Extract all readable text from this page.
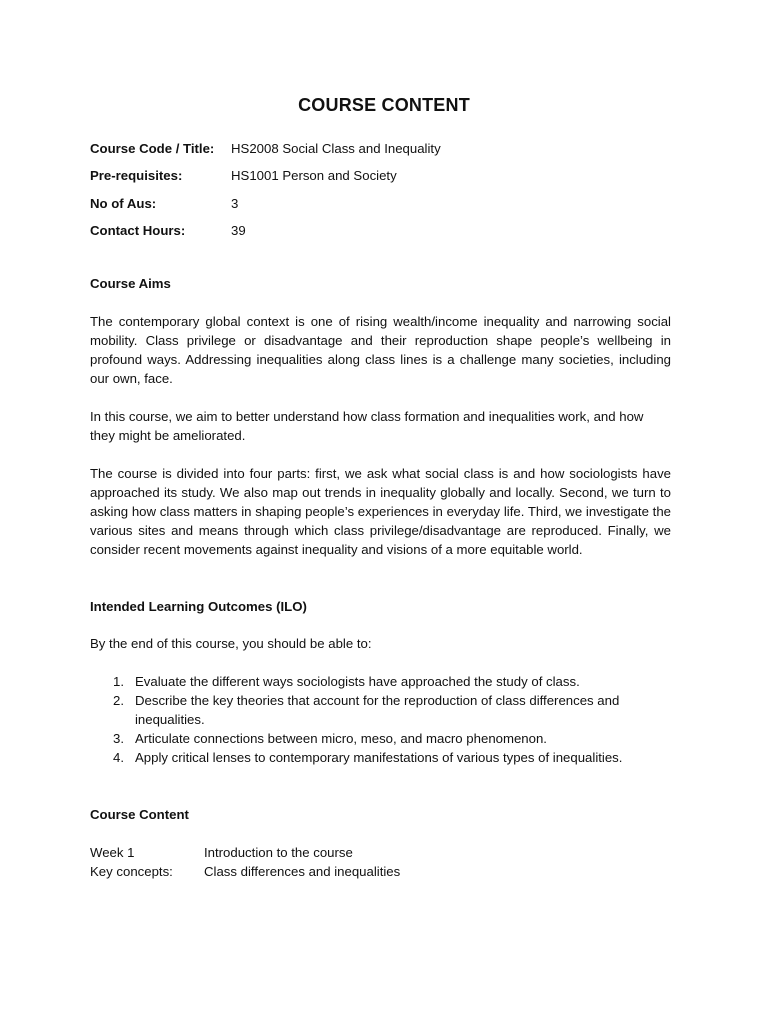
COURSE CONTENT
Course Code / Title:	HS2008 Social Class and Inequality
Pre-requisites:	HS1001 Person and Society
No of Aus:	3
Contact Hours:	39
Course Aims

The contemporary global context is one of rising wealth/income inequality and narrowing social mobility. Class privilege or disadvantage and their reproduction shape people’s wellbeing in profound ways. Addressing inequalities along class lines is a challenge many societies, including our own, face.

In this course, we aim to better understand how class formation and inequalities work, and how they might be ameliorated.

The course is divided into four parts: first, we ask what social class is and how sociologists have approached its study. We also map out trends in inequality globally and locally. Second, we turn to asking how class matters in shaping people’s experiences in everyday life. Third, we investigate the various sites and means through which class privilege/disadvantage are reproduced. Finally, we consider recent movements against inequality and visions of a more equitable world.

Intended Learning Outcomes (ILO)

By the end of this course, you should be able to:

1. Evaluate the different ways sociologists have approached the study of class.
2. Describe the key theories that account for the reproduction of class differences and inequalities.
3. Articulate connections between micro, meso, and macro phenomenon.
4. Apply critical lenses to contemporary manifestations of various types of inequalities.
Course Content
Week 1	Introduction to the course
Key concepts:	Class differences and inequalities
